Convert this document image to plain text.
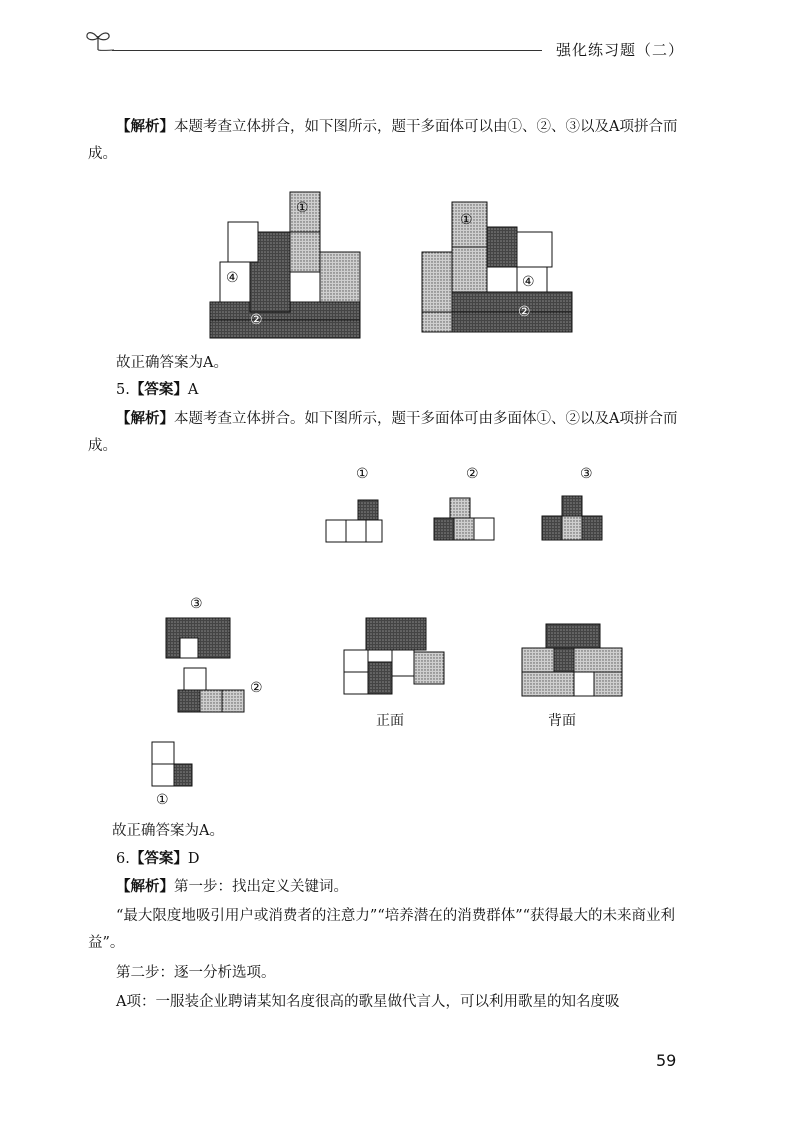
强化练习题（二）
【解析】本题考查立体拼合，如下图所示，题干多面体可以由①、②、③以及A项拼合而成。
①
④
②
①
④
②
故正确答案为A。
5.【答案】A
【解析】本题考查立体拼合。如下图所示，题干多面体可由多面体①、②以及A项拼合而成。
①	②	③
③
②
①
正面	背面
故正确答案为A。
6.【答案】D
【解析】第一步：找出定义关键词。
“最大限度地吸引用户或消费者的注意力”“培养潜在的消费群体”“获得最大的未来商业利益”。
第二步：逐一分析选项。
A项：一服装企业聘请某知名度很高的歌星做代言人，可以利用歌星的知名度吸
59
